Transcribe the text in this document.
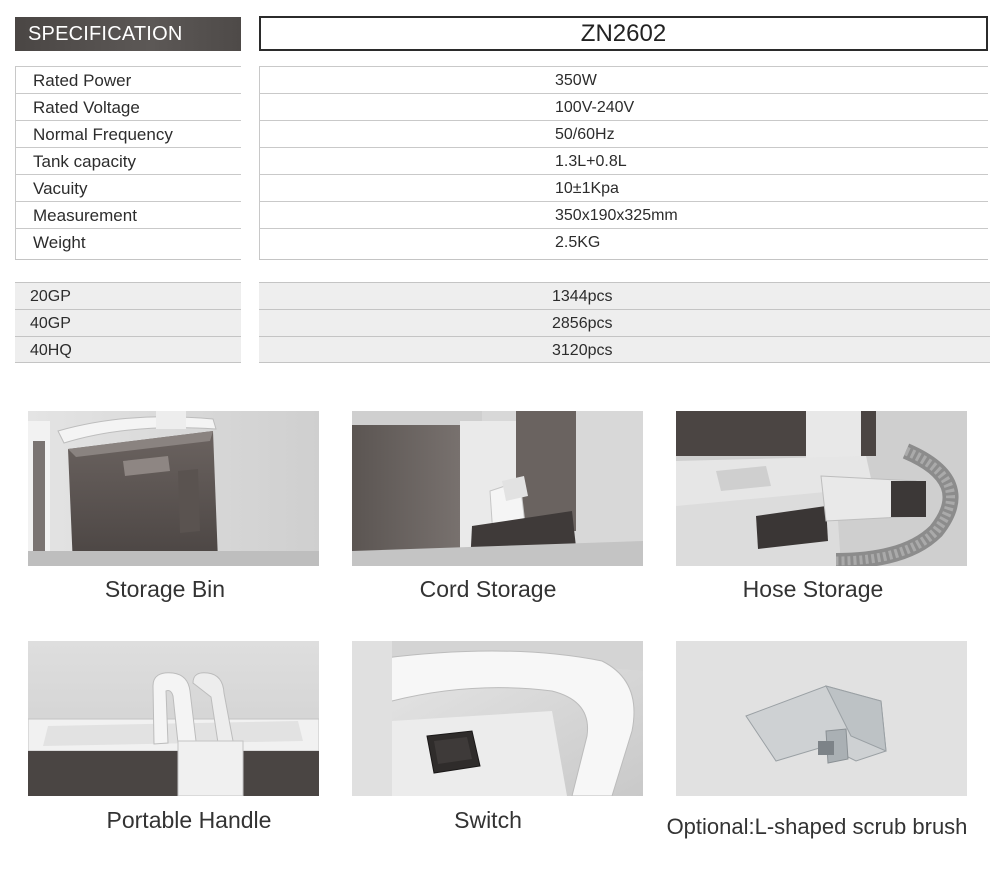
SPECIFICATION	ZN2602
Rated Power	350W
Rated Voltage	100V-240V
Normal Frequency	50/60Hz
Tank capacity	1.3L+0.8L
Vacuity	10±1Kpa
Measurement	350x190x325mm
Weight	2.5KG
20GP	1344pcs
40GP	2856pcs
40HQ	3120pcs
Storage Bin	Cord Storage	Hose Storage
Portable Handle	Switch	Optional:L-shaped scrub brush
